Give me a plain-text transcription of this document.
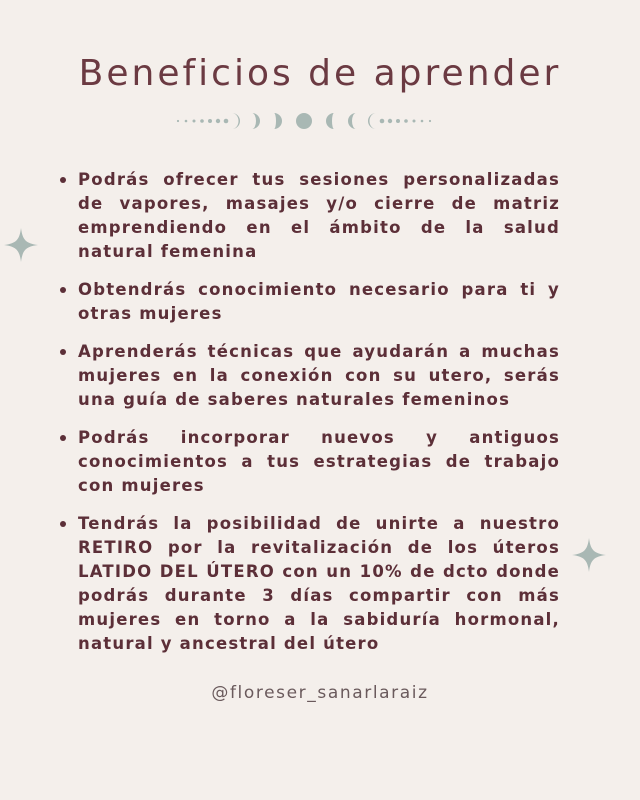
Beneficios de aprender
Podrás ofrecer tus sesiones personalizadas de vapores, masajes y/o cierre de matriz emprendiendo en el ámbito de la salud natural femenina
Obtendrás conocimiento necesario para ti y otras mujeres
Aprenderás técnicas que ayudarán a muchas mujeres en la conexión con su utero, serás una guía de saberes naturales femeninos
Podrás incorporar nuevos y antiguos conocimientos a tus estrategias de trabajo con mujeres
Tendrás la posibilidad de unirte a nuestro RETIRO por la revitalización de los úteros LATIDO DEL ÚTERO con un 10% de dcto donde podrás durante 3 días compartir con más mujeres en torno a la sabiduría hormonal, natural y ancestral del útero
@floreser_sanarlaraiz
